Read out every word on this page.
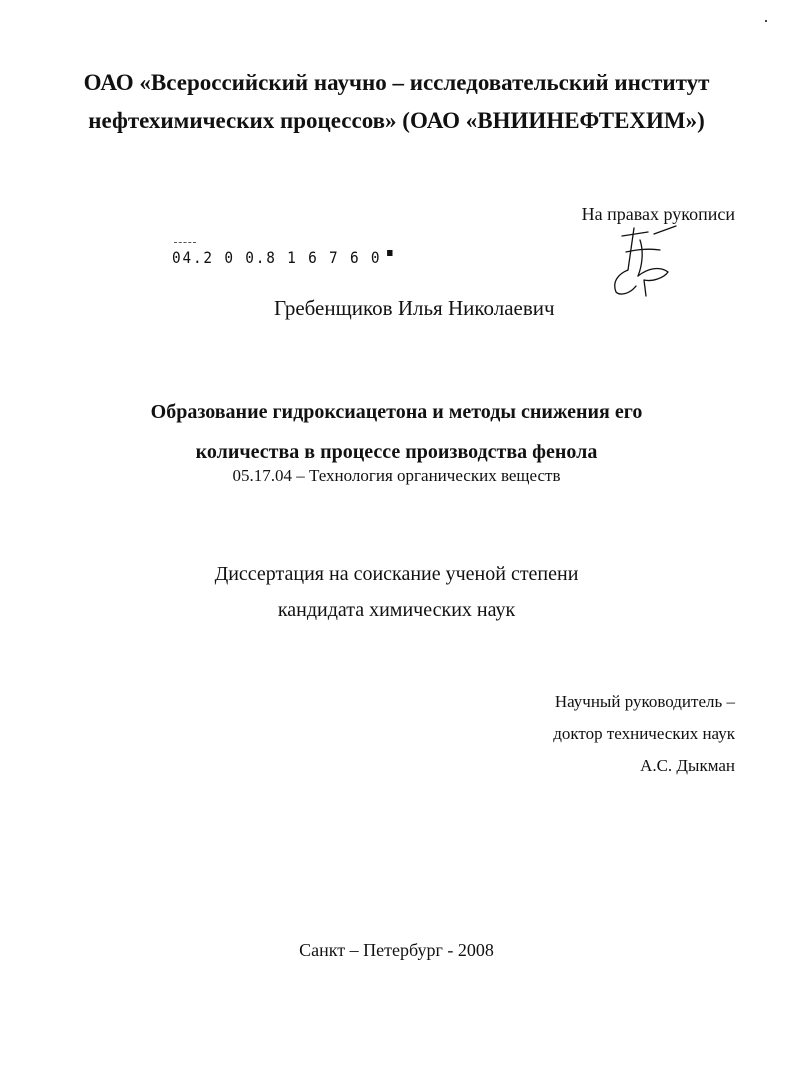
ОАО «Всероссийский научно – исследовательский институт
нефтехимических процессов» (ОАО «ВНИИНЕФТЕХИМ»)
На правах рукописи
04.2 0 0.8 1 6 7 6 0
Гребенщиков Илья Николаевич
Образование гидроксиацетона и методы снижения его
количества в процессе производства фенола
05.17.04 – Технология органических веществ
Диссертация на соискание ученой степени
кандидата химических наук
Научный руководитель –
доктор технических наук
А.С. Дыкман
Санкт – Петербург - 2008
